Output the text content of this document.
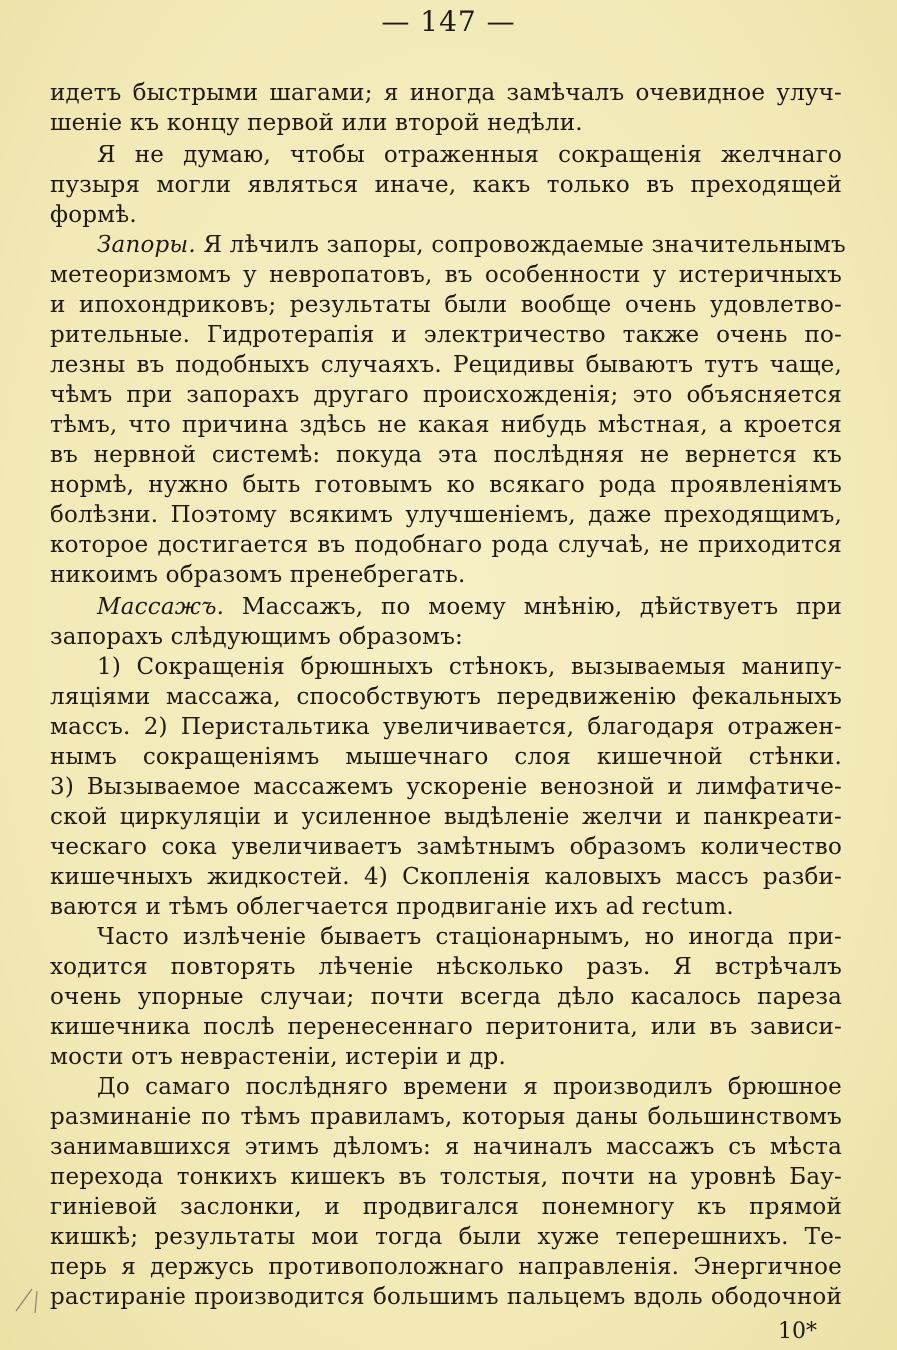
— 147 —
идетъ быстрыми шагами; я иногда замѣчалъ очевидное улуч-
шеніе къ концу первой или второй недѣли.
Я не думаю, чтобы отраженныя сокращенія желчнаго
пузыря могли являться иначе, какъ только въ преходящей
формѣ.
Запоры. Я лѣчилъ запоры, сопровождаемые значительнымъ
метеоризмомъ у невропатовъ, въ особенности у истеричныхъ
и ипохондриковъ; результаты были вообще очень удовлетво-
рительные. Гидротерапія и электричество также очень по-
лезны въ подобныхъ случаяхъ. Рецидивы бываютъ тутъ чаще,
чѣмъ при запорахъ другаго происхожденія; это объясняется
тѣмъ, что причина здѣсь не какая нибудь мѣстная, а кроется
въ нервной системѣ: покуда эта послѣдняя не вернется къ
нормѣ, нужно быть готовымъ ко всякаго рода проявленіямъ
болѣзни. Поэтому всякимъ улучшеніемъ, даже преходящимъ,
которое достигается въ подобнаго рода случаѣ, не приходится
никоимъ образомъ пренебрегать.
Массажъ. Массажъ, по моему мнѣнію, дѣйствуетъ при
запорахъ слѣдующимъ образомъ:
1) Сокращенія брюшныхъ стѣнокъ, вызываемыя манипу-
ляціями массажа, способствуютъ передвиженію фекальныхъ
массъ. 2) Перистальтика увеличивается, благодаря отражен-
нымъ сокращеніямъ мышечнаго слоя кишечной стѣнки.
3) Вызываемое массажемъ ускореніе венозной и лимфатиче-
ской циркуляціи и усиленное выдѣленіе желчи и панкреати-
ческаго сока увеличиваетъ замѣтнымъ образомъ количество
кишечныхъ жидкостей. 4) Скопленія каловыхъ массъ разби-
ваются и тѣмъ облегчается продвиганіе ихъ ad rectum.
Часто излѣченіе бываетъ стаціонарнымъ, но иногда при-
ходится повторять лѣченіе нѣсколько разъ. Я встрѣчалъ
очень упорные случаи; почти всегда дѣло касалось пареза
кишечника послѣ перенесеннаго перитонита, или въ зависи-
мости отъ неврастеніи, истеріи и др.
До самаго послѣдняго времени я производилъ брюшное
разминаніе по тѣмъ правиламъ, которыя даны большинствомъ
занимавшихся этимъ дѣломъ: я начиналъ массажъ съ мѣста
перехода тонкихъ кишекъ въ толстыя, почти на уровнѣ Бау-
гиніевой заслонки, и продвигался понемногу къ прямой
кишкѣ; результаты мои тогда были хуже теперешнихъ. Те-
перь я держусь противоположнаго направленія. Энергичное
растираніе производится большимъ пальцемъ вдоль ободочной
10*
